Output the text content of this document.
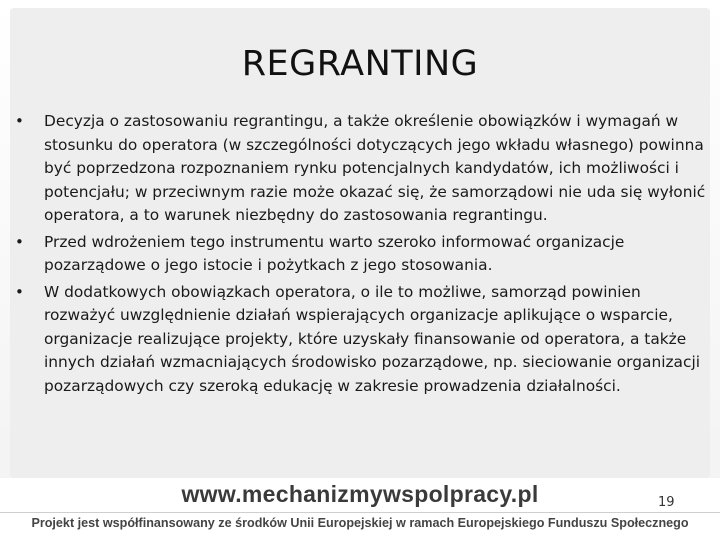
REGRANTING
• Decyzja o zastosowaniu regrantingu, a także określenie obowiązków i wymagań w stosunku do operatora (w szczególności dotyczących jego wkładu własnego) powinna być poprzedzona rozpoznaniem rynku potencjalnych kandydatów, ich możliwości i potencjału; w przeciwnym razie może okazać się, że samorządowi nie uda się wyłonić operatora, a to warunek niezbędny do zastosowania regrantingu.
• Przed wdrożeniem tego instrumentu warto szeroko informować organizacje pozarządowe o jego istocie i pożytkach z jego stosowania.
• W dodatkowych obowiązkach operatora, o ile to możliwe, samorząd powinien rozważyć uwzględnienie działań wspierających organizacje aplikujące o wsparcie, organizacje realizujące projekty, które uzyskały finansowanie od operatora, a także innych działań wzmacniających środowisko pozarządowe, np. sieciowanie organizacji pozarządowych czy szeroką edukację w zakresie prowadzenia działalności.
www.mechanizmywspolpracy.pl	19
Projekt jest współfinansowany ze środków Unii Europejskiej w ramach Europejskiego Funduszu Społecznego
